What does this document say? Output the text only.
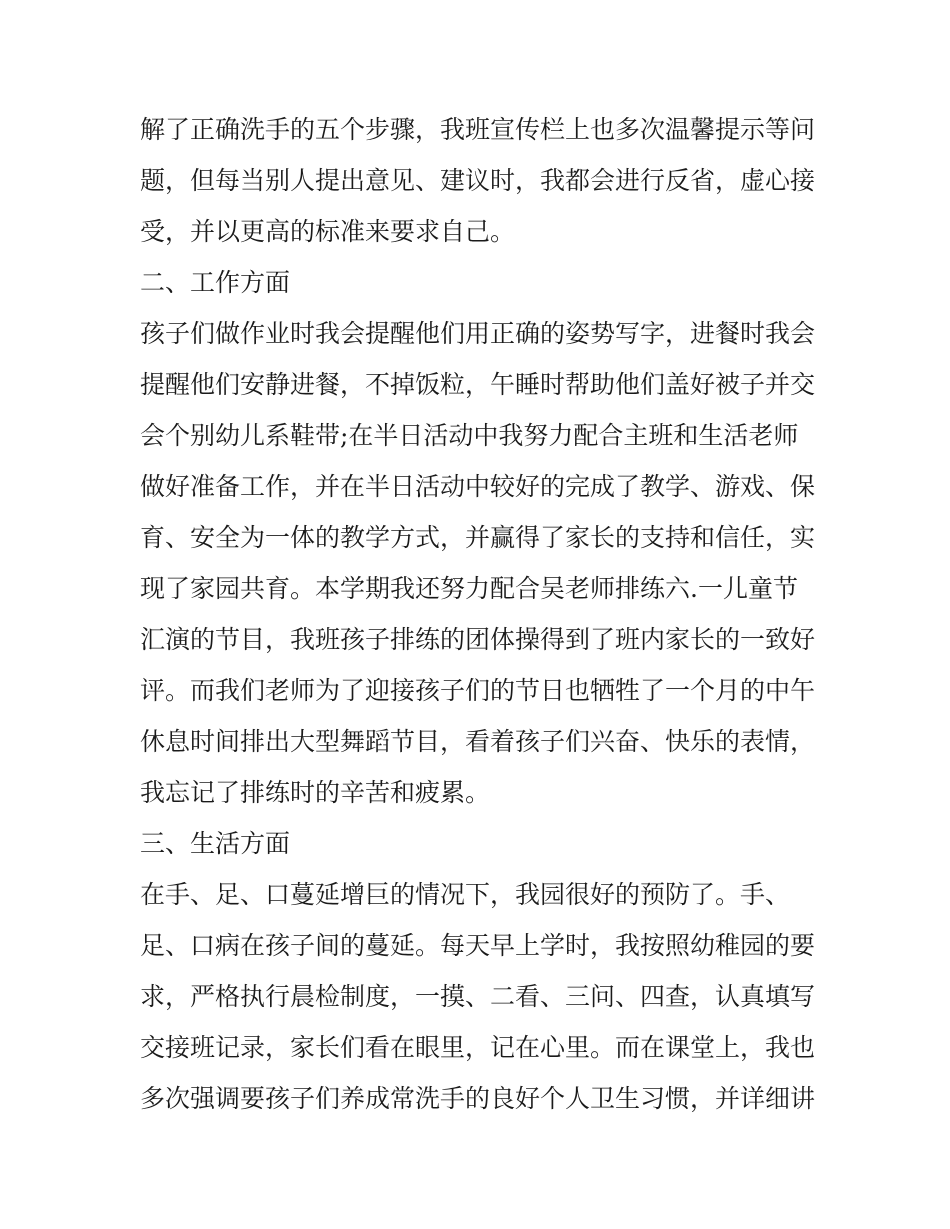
解了正确洗手的五个步骤，我班宣传栏上也多次温馨提示等问
题，但每当别人提出意见、建议时，我都会进行反省，虚心接
受，并以更高的标准来要求自己。
二、工作方面
孩子们做作业时我会提醒他们用正确的姿势写字，进餐时我会
提醒他们安静进餐，不掉饭粒，午睡时帮助他们盖好被子并交
会个别幼儿系鞋带;在半日活动中我努力配合主班和生活老师
做好准备工作，并在半日活动中较好的完成了教学、游戏、保
育、安全为一体的教学方式，并赢得了家长的支持和信任，实
现了家园共育。本学期我还努力配合吴老师排练六.一儿童节
汇演的节目，我班孩子排练的团体操得到了班内家长的一致好
评。而我们老师为了迎接孩子们的节日也牺牲了一个月的中午
休息时间排出大型舞蹈节目，看着孩子们兴奋、快乐的表情，
我忘记了排练时的辛苦和疲累。
三、生活方面
在手、足、口蔓延增巨的情况下，我园很好的预防了。手、
足、口病在孩子间的蔓延。每天早上学时，我按照幼稚园的要
求，严格执行晨检制度，一摸、二看、三问、四查，认真填写
交接班记录，家长们看在眼里，记在心里。而在课堂上，我也
多次强调要孩子们养成常洗手的良好个人卫生习惯，并详细讲
